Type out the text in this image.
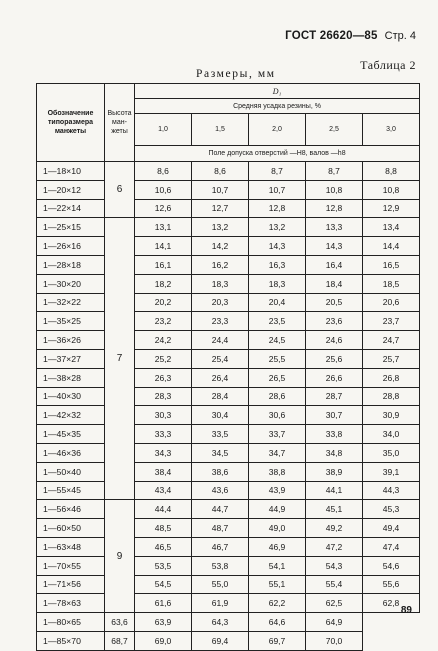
ГОСТ 26620—85 Стр. 4
Таблица 2
Размеры, мм
Обозначение типоразмера манжеты	Высота ман-жеты	D₁				
		Средняя усадка резины, %				
		1,0	1,5	2,0	2,5	3,0
		Поле допуска отверстий —H8, валов —h8				
1—18×10	6	8,6	8,6	8,7	8,7	8,8
1—20×12		10,6	10,7	10,7	10,8	10,8
1—22×14		12,6	12,7	12,8	12,8	12,9
1—25×15	7	13,1	13,2	13,2	13,3	13,4
1—26×16		14,1	14,2	14,3	14,3	14,4
1—28×18		16,1	16,2	16,3	16,4	16,5
1—30×20		18,2	18,3	18,3	18,4	18,5
1—32×22		20,2	20,3	20,4	20,5	20,6
1—35×25		23,2	23,3	23,5	23,6	23,7
1—36×26		24,2	24,4	24,5	24,6	24,7
1—37×27		25,2	25,4	25,5	25,6	25,7
1—38×28		26,3	26,4	26,5	26,6	26,8
1—40×30		28,3	28,4	28,6	28,7	28,8
1—42×32		30,3	30,4	30,6	30,7	30,9
1—45×35		33,3	33,5	33,7	33,8	34,0
1—46×36		34,3	34,5	34,7	34,8	35,0
1—50×40		38,4	38,6	38,8	38,9	39,1
1—55×45		43,4	43,6	43,9	44,1	44,3
1—56×46	9	44,4	44,7	44,9	45,1	45,3
1—60×50		48,5	48,7	49,0	49,2	49,4
1—63×48		46,5	46,7	46,9	47,2	47,4
1—70×55		53,5	53,8	54,1	54,3	54,6
1—71×56		54,5	55,0	55,1	55,4	55,6
1—78×63		61,6	61,9	62,2	62,5	62,8
1—80×65	63,6	63,9	64,3	64,6	64,9	
1—85×70	68,7	69,0	69,4	69,7	70,0	
89
